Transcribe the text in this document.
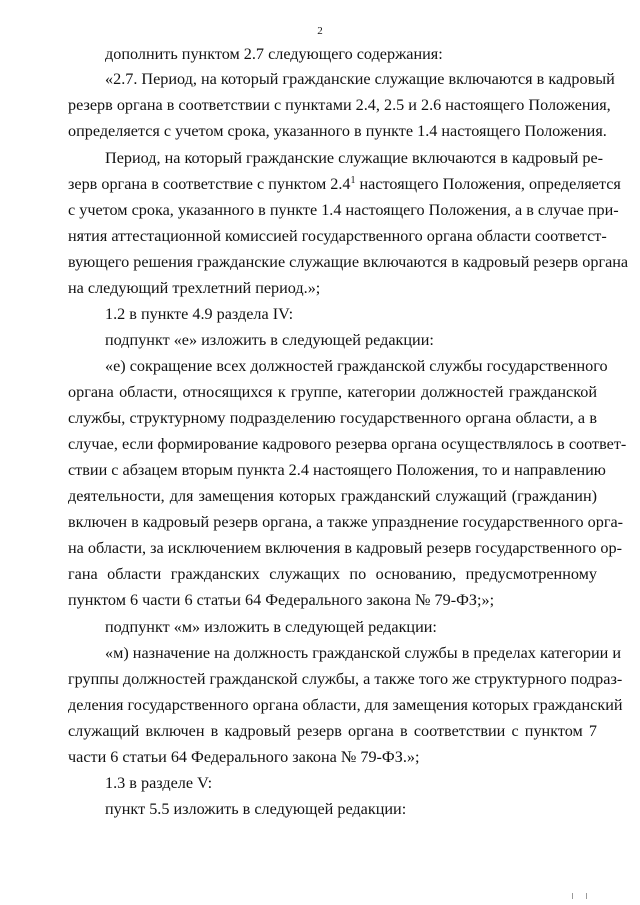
2
дополнить пунктом 2.7 следующего содержания:
«2.7. Период, на который гражданские служащие включаются в кадровый
резерв органа в соответствии с пунктами 2.4, 2.5 и 2.6 настоящего Положения,
определяется с учетом срока, указанного в пункте 1.4 настоящего Положения.
Период, на который гражданские служащие включаются в кадровый ре-
зерв органа в соответствие с пунктом $2.4^1$ настоящего Положения, определяется
с учетом срока, указанного в пункте 1.4 настоящего Положения, а в случае при-
нятия аттестационной комиссией государственного органа области соответст-
вующего решения гражданские служащие включаются в кадровый резерв органа
на следующий трехлетний период.»;
1.2 в пункте 4.9 раздела IV:
подпункт «е» изложить в следующей редакции:
«е) сокращение всех должностей гражданской службы государственного
органа области, относящихся к группе, категории должностей гражданской
службы, структурному подразделению государственного органа области, а в
случае, если формирование кадрового резерва органа осуществлялось в соответ-
ствии с абзацем вторым пункта 2.4 настоящего Положения, то и направлению
деятельности, для замещения которых гражданский служащий (гражданин)
включен в кадровый резерв органа, а также упразднение государственного орга-
на области, за исключением включения в кадровый резерв государственного ор-
гана области гражданских служащих по основанию, предусмотренному
пунктом 6 части 6 статьи 64 Федерального закона № 79-ФЗ;»;
подпункт «м» изложить в следующей редакции:
«м) назначение на должность гражданской службы в пределах категории и
группы должностей гражданской службы, а также того же структурного подраз-
деления государственного органа области, для замещения которых гражданский
служащий включен в кадровый резерв органа в соответствии с пунктом 7
части 6 статьи 64 Федерального закона № 79-ФЗ.»;
1.3 в разделе V:
пункт 5.5 изложить в следующей редакции:
